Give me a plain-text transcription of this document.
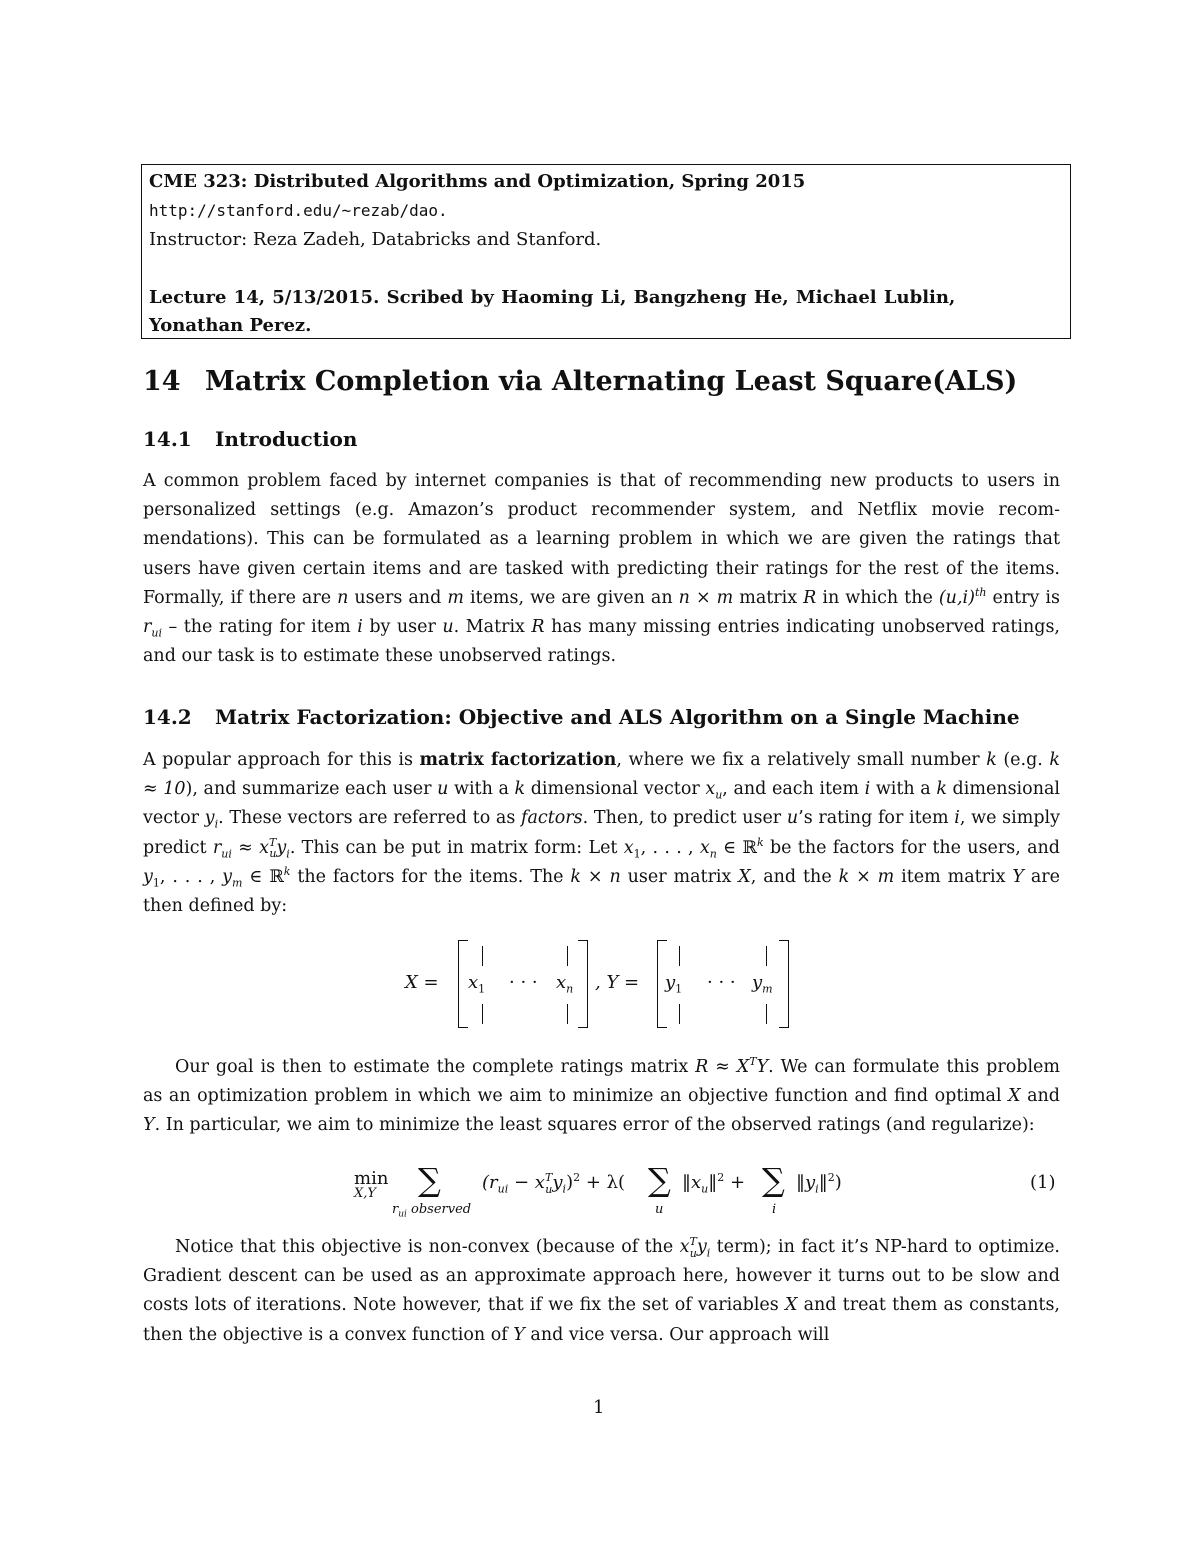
CME 323: Distributed Algorithms and Optimization, Spring 2015
http://stanford.edu/~rezab/dao.
Instructor: Reza Zadeh, Databricks and Stanford.
Lecture 14, 5/13/2015. Scribed by Haoming Li, Bangzheng He, Michael Lublin,
Yonathan Perez.
14 Matrix Completion via Alternating Least Square(ALS)
14.1 Introduction
A common problem faced by internet companies is that of recommending new products to users in personalized settings (e.g. Amazon’s product recommender system, and Netflix movie recom-mendations). This can be formulated as a learning problem in which we are given the ratings that users have given certain items and are tasked with predicting their ratings for the rest of the items. Formally, if there are n users and m items, we are given an n × m matrix R in which the $(u,i)^{th}$ entry is $r_{ui}$ – the rating for item i by user u. Matrix R has many missing entries indicating unobserved ratings, and our task is to estimate these unobserved ratings.
14.2 Matrix Factorization: Objective and ALS Algorithm on a Single Machine
A popular approach for this is matrix factorization, where we fix a relatively small number k (e.g. k ≈ 10), and summarize each user u with a k dimensional vector $x_u$, and each item i with a k dimensional vector $y_i$. These vectors are referred to as factors. Then, to predict user u’s rating for item i, we simply predict $r_{ui} \approx x^T_uy_i$. This can be put in matrix form: Let $x_1$, . . . , $x_n$ ∈ ℝ$^k$ be the factors for the users, and $y_1$, . . . , $y_m$ ∈ ℝ$^k$ the factors for the items. The k × n user matrix X, and the k × m item matrix Y are then defined by:
$X = x_1$ · · · $x_n$ , $Y = y_1$ · · · $y_m$
Our goal is then to estimate the complete ratings matrix $R \approx X^TY$. We can formulate this problem as an optimization problem in which we aim to minimize an objective function and find optimal X and Y. In particular, we aim to minimize the least squares error of the observed ratings (and regularize):
min
X,Y ∑
$r_{ui}$ observed
$(r_{ui} - x^T_uy_i)^2 + \lambda$( ∑
u
$‖x_u‖^2$ + ∑
i
$‖y_i‖^2$)	(1)
Notice that this objective is non-convex (because of the $x^T_uy_i$ term); in fact it’s NP-hard to optimize. Gradient descent can be used as an approximate approach here, however it turns out to be slow and costs lots of iterations. Note however, that if we fix the set of variables X and treat them as constants, then the objective is a convex function of Y and vice versa. Our approach will
1
